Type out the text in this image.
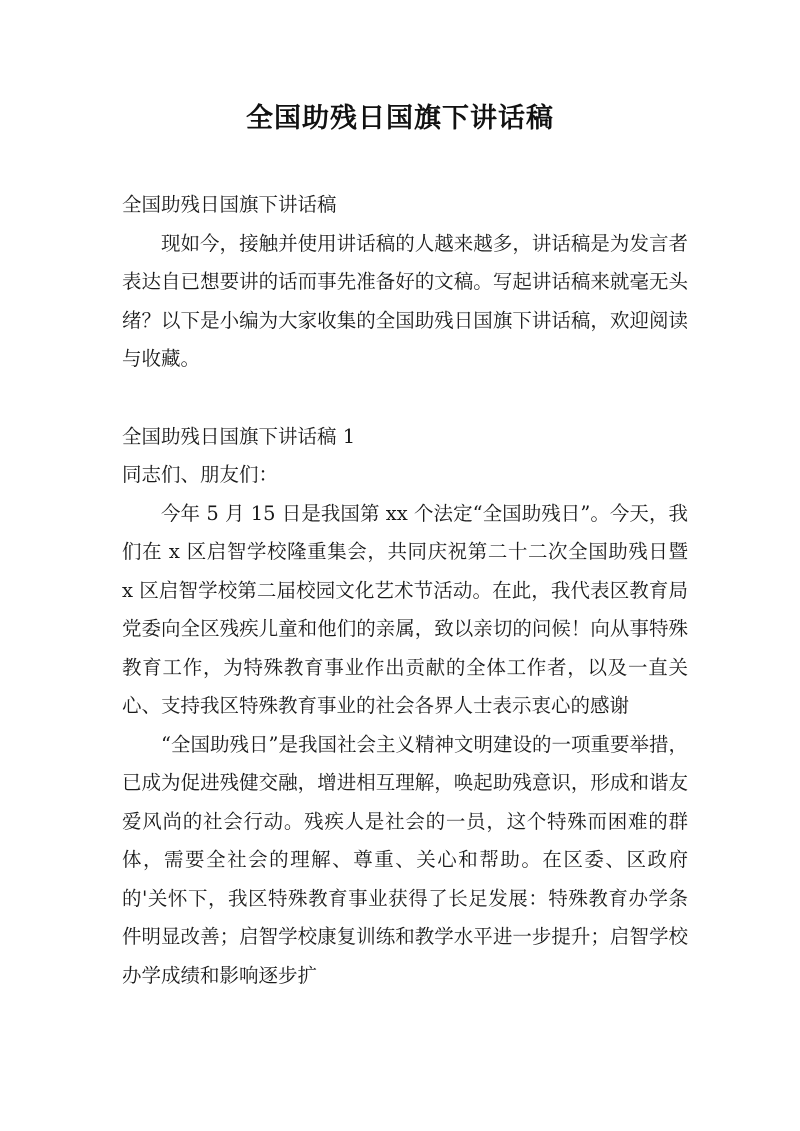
全国助残日国旗下讲话稿

全国助残日国旗下讲话稿

现如今，接触并使用讲话稿的人越来越多，讲话稿是为发言者表达自已想要讲的话而事先准备好的文稿。写起讲话稿来就毫无头绪？以下是小编为大家收集的全国助残日国旗下讲话稿，欢迎阅读与收藏。

全国助残日国旗下讲话稿 1

同志们、朋友们：

今年 5 月 15 日是我国第 xx 个法定“全国助残日”。今天，我们在 x 区启智学校隆重集会，共同庆祝第二十二次全国助残日暨 x 区启智学校第二届校园文化艺术节活动。在此，我代表区教育局党委向全区残疾儿童和他们的亲属，致以亲切的问候！向从事特殊教育工作，为特殊教育事业作出贡献的全体工作者，以及一直关心、支持我区特殊教育事业的社会各界人士表示衷心的感谢

“全国助残日”是我国社会主义精神文明建设的一项重要举措，已成为促进残健交融，增进相互理解，唤起助残意识，形成和谐友爱风尚的社会行动。残疾人是社会的一员，这个特殊而困难的群体，需要全社会的理解、尊重、关心和帮助。在区委、区政府的'关怀下，我区特殊教育事业获得了长足发展：特殊教育办学条件明显改善；启智学校康复训练和教学水平进一步提升；启智学校办学成绩和影响逐步扩
